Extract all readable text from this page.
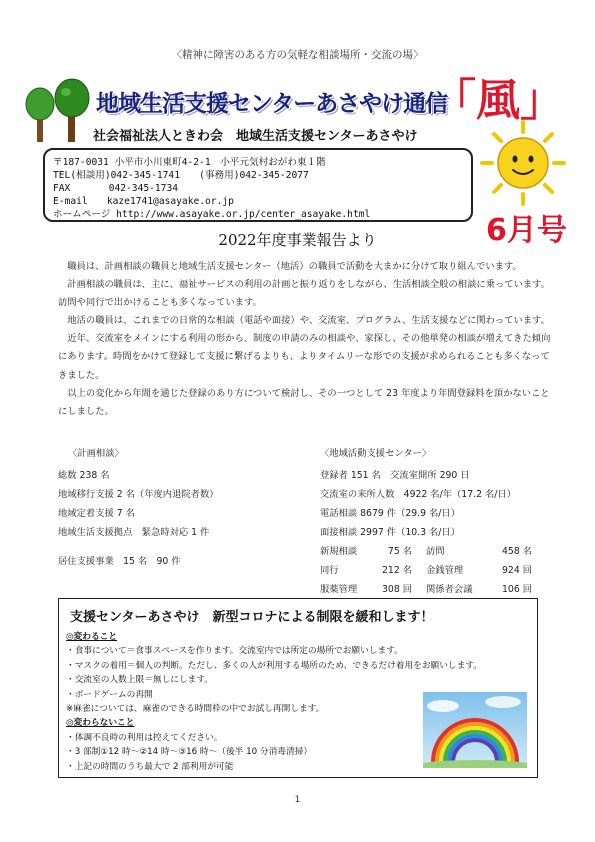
〈精神に障害のある方の気軽な相談場所・交流の場〉
地域生活支援センターあさやけ通信
「風」
社会福祉法人ときわ会　地域生活支援センターあさやけ
〒187-0031 小平市小川東町4-2-1　小平元気村おがわ東１階
TEL(相談用)042-345-1741　　(事務用)042-345-2077
FAX　　　　042-345-1734
E-mail　　kaze1741@asayake.or.jp
ホームページ http://www.asayake.or.jp/center_asayake.html	6月号
2022年度事業報告より

職員は、計画相談の職員と地域生活支援センター（地活）の職員で活動を大まかに分けて取り組んでいます。

計画相談の職員は、主に、福祉サービスの利用の計画と振り返りをしながら、生活相談全般の相談に乗っています。訪問や同行で出かけることも多くなっています。

地活の職員は、これまでの日常的な相談（電話や面接）や、交流室、プログラム、生活支援などに関わっています。

近年、交流室をメインにする利用の形から、制度の申請のみの相談や、家探し、その他単発の相談が増えてきた傾向にあります。時間をかけて登録して支援に繋げるよりも、よりタイムリーな形での支援が求められることも多くなってきました。

以上の変化から年間を通じた登録のあり方について検討し、その一つとして 23 年度より年間登録料を頂かないことにしました。

〈計画相談〉
総数 238 名
地域移行支援 2 名（年度内退院者数）
地域定着支援 7 名
地域生活支援拠点　緊急時対応 1 件
居住支援事業　15 名　90 件
〈地域活動支援センター〉
登録者 151 名　交流室開所 290 日
交流室の来所人数　4922 名/年（17.2 名/日）
電話相談 8679 件（29.9 名/日）
面接相談 2997 件（10.3 名/日）
新規相談	75 名	訪問	458 名
同行	212 名	金銭管理	924 回
服薬管理	308 回	関係者会議	106 回
支援センターあさやけ　新型コロナによる制限を緩和します！
◎変わること
・食事について＝食事スペースを作ります。交流室内では所定の場所でお願いします。
・マスクの着用＝個人の判断。ただし、多くの人が利用する場所のため、できるだけ着用をお願いします。
・交流室の人数上限＝無しにします。
・ボードゲームの再開
※麻雀については、麻雀のできる時間枠の中でお試し再開します。
◎変わらないこと
・体調不良時の利用は控えてください。
・3 部制①12 時～②14 時～③16 時～（後半 10 分消毒清掃）
・上記の時間のうち最大で 2 部利用が可能
1
